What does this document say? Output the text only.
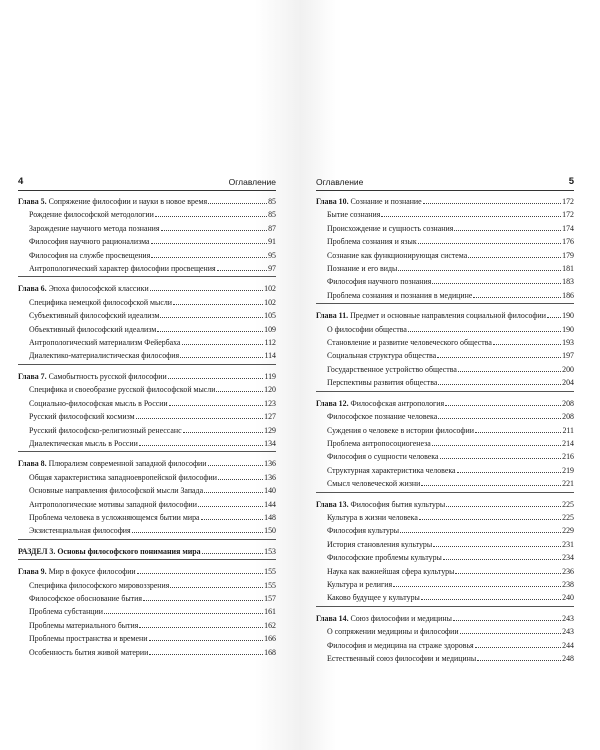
4	Оглавление
Глава 5. Сопряжение философии и науки в новое время	85
Рождение философской методологии	85
Зарождение научного метода познания	87
Философия научного рационализма	91
Философия на службе просвещения	95
Антропологический характер философии просвещения	97
Глава 6. Эпоха философской классики	102
Специфика немецкой философской мысли	102
Субъективный философский идеализм	105
Объективный философский идеализм	109
Антропологический материализм Фейербаха	112
Диалектико-материалистическая философия	114
Глава 7. Самобытность русской философии	119
Специфика и своеобразие русской философской мысли	120
Социально-философская мысль в России	123
Русский философский космизм	127
Русский философско-религиозный ренессанс	129
Диалектическая мысль в России	134
Глава 8. Плюрализм современной западной философии	136
Общая характеристика западноевропейской философии	136
Основные направления философской мысли Запада	140
Антропологические мотивы западной философии	144
Проблема человека в усложняющемся бытии мира	148
Экзистенциальная философия	150
РАЗДЕЛ 3. Основы философского понимания мира	153
Глава 9. Мир в фокусе философии	155
Специфика философского мировоззрения	155
Философское обоснование бытия	157
Проблема субстанции	161
Проблемы материального бытия	162
Проблемы пространства и времени	166
Особенность бытия живой материи	168
Оглавление	5
Глава 10. Сознание и познание	172
Бытие сознания	172
Происхождение и сущность сознания	174
Проблема сознания и язык	176
Сознание как функционирующая система	179
Познание и его виды	181
Философия научного познания	183
Проблема сознания и познания в медицине	186
Глава 11. Предмет и основные направления социальной философии 190
О философии общества	190
Становление и развитие человеческого общества	193
Социальная структура общества	197
Государственное устройство общества	200
Перспективы развития общества	204
Глава 12. Философская антропология	208
Философское познание человека	208
Суждения о человеке в истории философии	211
Проблема антропосоциогенеза	214
Философия о сущности человека	216
Структурная характеристика человека	219
Смысл человеческой жизни	221
Глава 13. Философия бытия культуры	225
Культура в жизни человека	225
Философия культуры	229
История становления культуры	231
Философские проблемы культуры	234
Наука как важнейшая сфера культуры	236
Культура и религия	238
Каково будущее у культуры	240
Глава 14. Союз философии и медицины	243
О сопряжении медицины и философии	243
Философия и медицина на страже здоровья	244
Естественный союз философии и медицины	248
